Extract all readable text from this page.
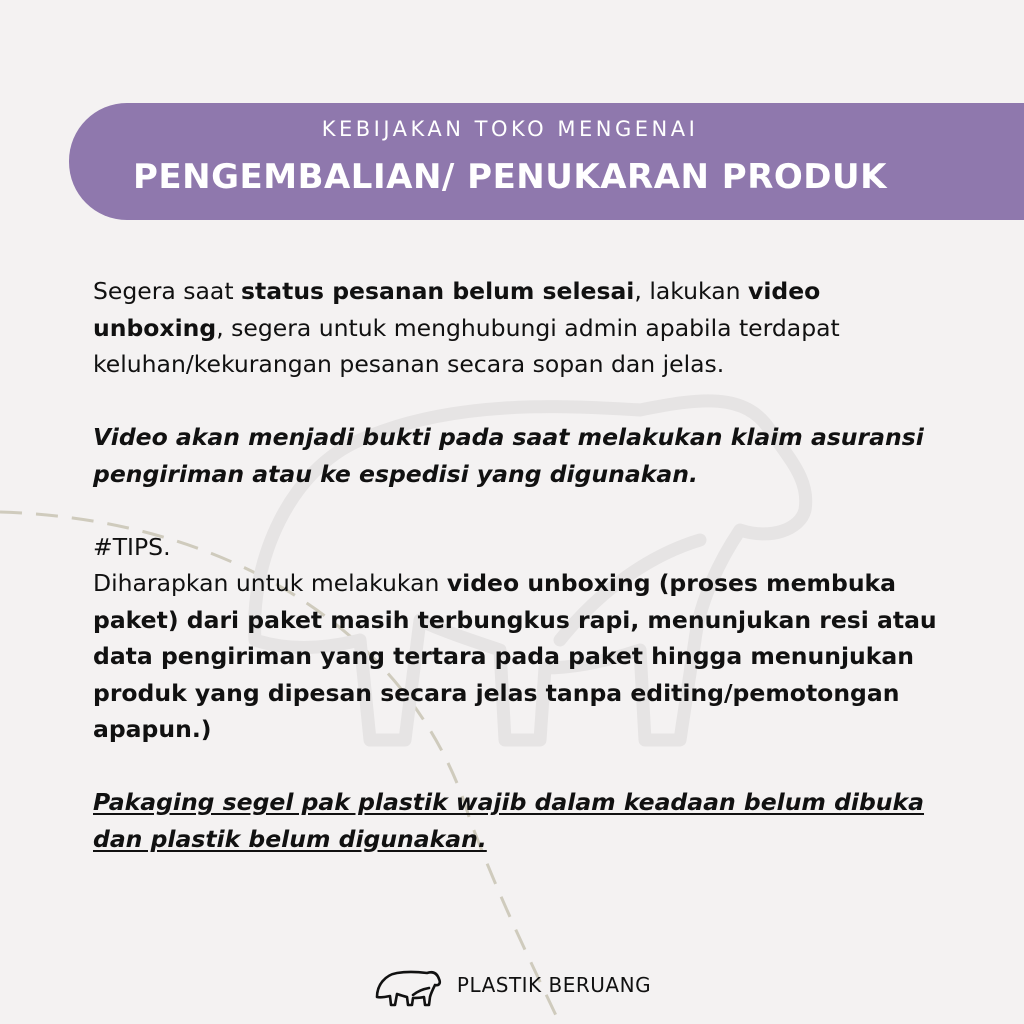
KEBIJAKAN TOKO MENGENAI
PENGEMBALIAN/ PENUKARAN PRODUK

Segera saat status pesanan belum selesai, lakukan video unboxing, segera untuk menghubungi admin apabila terdapat keluhan/kekurangan pesanan secara sopan dan jelas.

Video akan menjadi bukti pada saat melakukan klaim asuransi pengiriman atau ke espedisi yang digunakan.

#TIPS.

Diharapkan untuk melakukan video unboxing (proses membuka paket) dari paket masih terbungkus rapi, menunjukan resi atau data pengiriman yang tertara pada paket hingga menunjukan produk yang dipesan secara jelas tanpa editing/pemotongan apapun.)

Pakaging segel pak plastik wajib dalam keadaan belum dibuka dan plastik belum digunakan.

PLASTIK BERUANG
